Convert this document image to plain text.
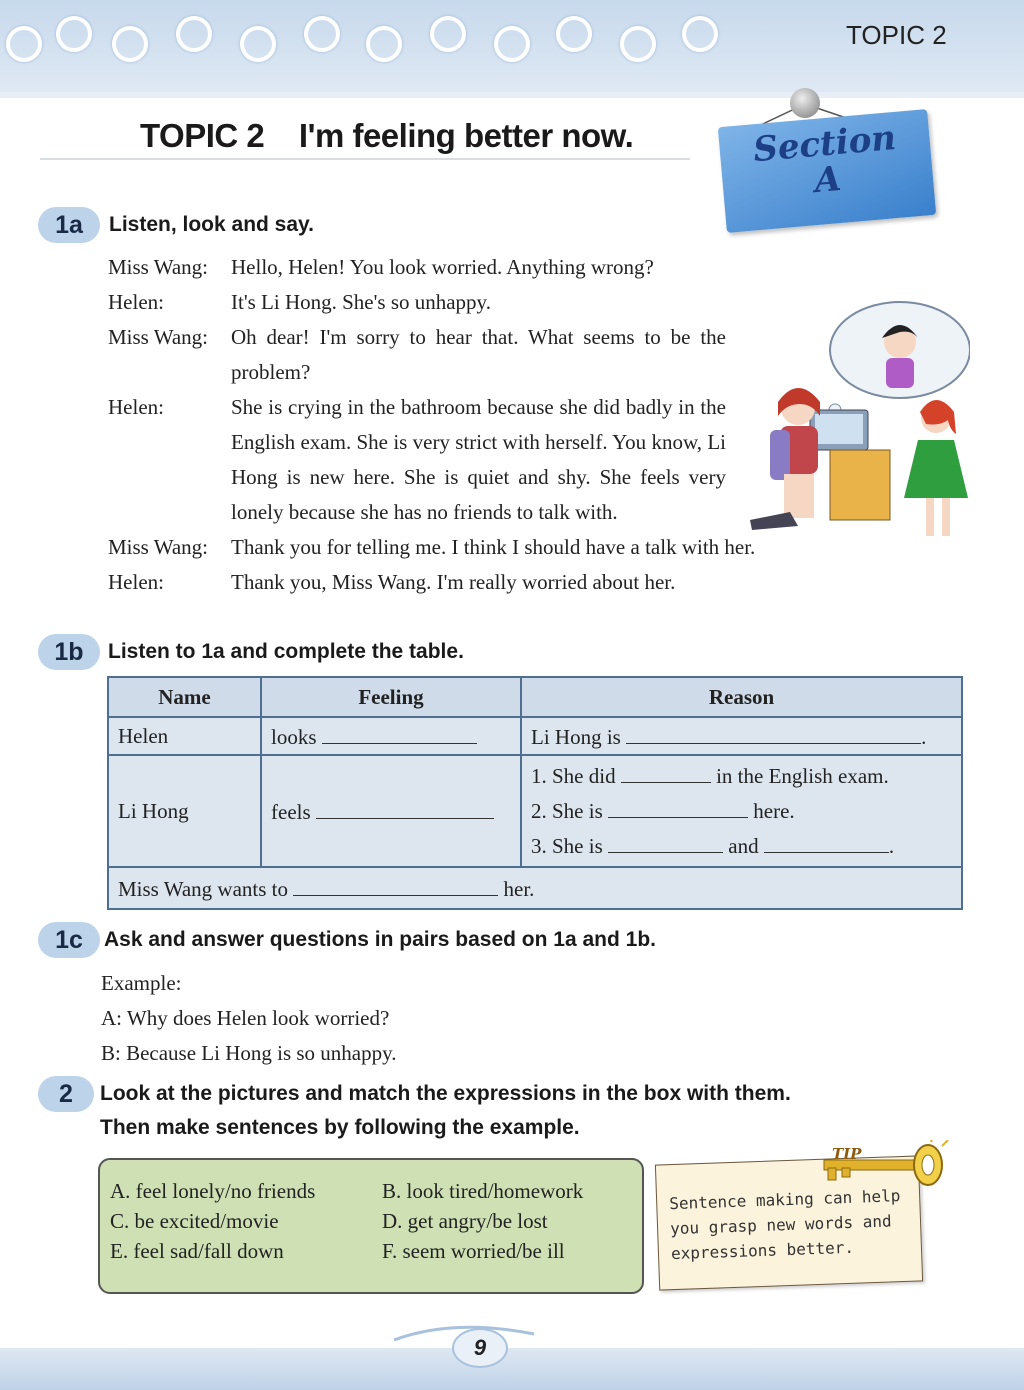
TOPIC 2
TOPIC 2    I'm feeling better now.	Section
A
1a	Listen, look and say.
Miss Wang:	Hello, Helen! You look worried. Anything wrong?
Helen:	It's Li Hong. She's so unhappy.
Miss Wang:	Oh dear! I'm sorry to hear that. What seems to be the problem?
Helen:	She is crying in the bathroom because she did badly in the English exam. She is very strict with herself. You know, Li Hong is new here. She is quiet and shy. She feels very lonely because she has no friends to talk with.
Miss Wang:	Thank you for telling me. I think I should have a talk with her.
Helen:	Thank you, Miss Wang. I'm really worried about her.
1b	Listen to 1a and complete the table.
Name	Feeling	Reason
Helen	looks	Li Hong is .
Li Hong	feels	1. She did in the English exam.
2. She is here.
3. She is and .

Miss Wang wants to her.		
1c	Ask and answer questions in pairs based on 1a and 1b.
Example:
A: Why does Helen look worried?
B: Because Li Hong is so unhappy.
2	Look at the pictures and match the expressions in the box with them.
Then make sentences by following the example.
A. feel lonely/no friends	B. look tired/homework
C. be excited/movie	D. get angry/be lost
E. feel sad/fall down	F. seem worried/be ill
Sentence making can help you grasp new words and expressions better.
TIP
9
